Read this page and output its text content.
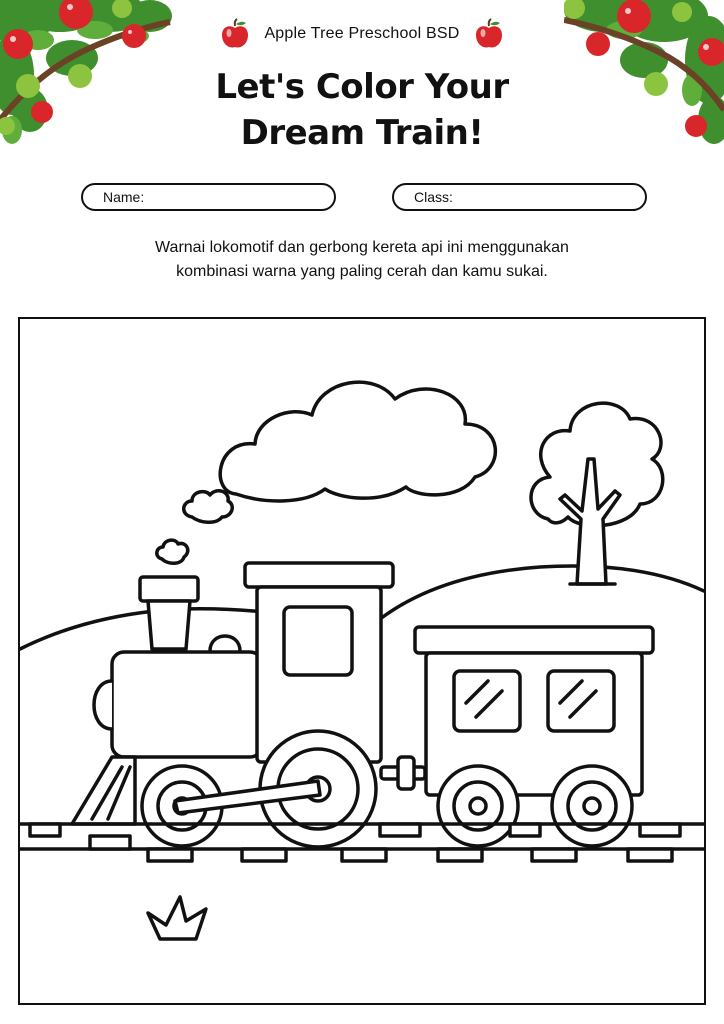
Apple Tree Preschool BSD
Let's Color Your
Dream Train!
Name :	Class :
Warnai lokomotif dan gerbong kereta api ini menggunakan
kombinasi warna yang paling cerah dan kamu sukai.
